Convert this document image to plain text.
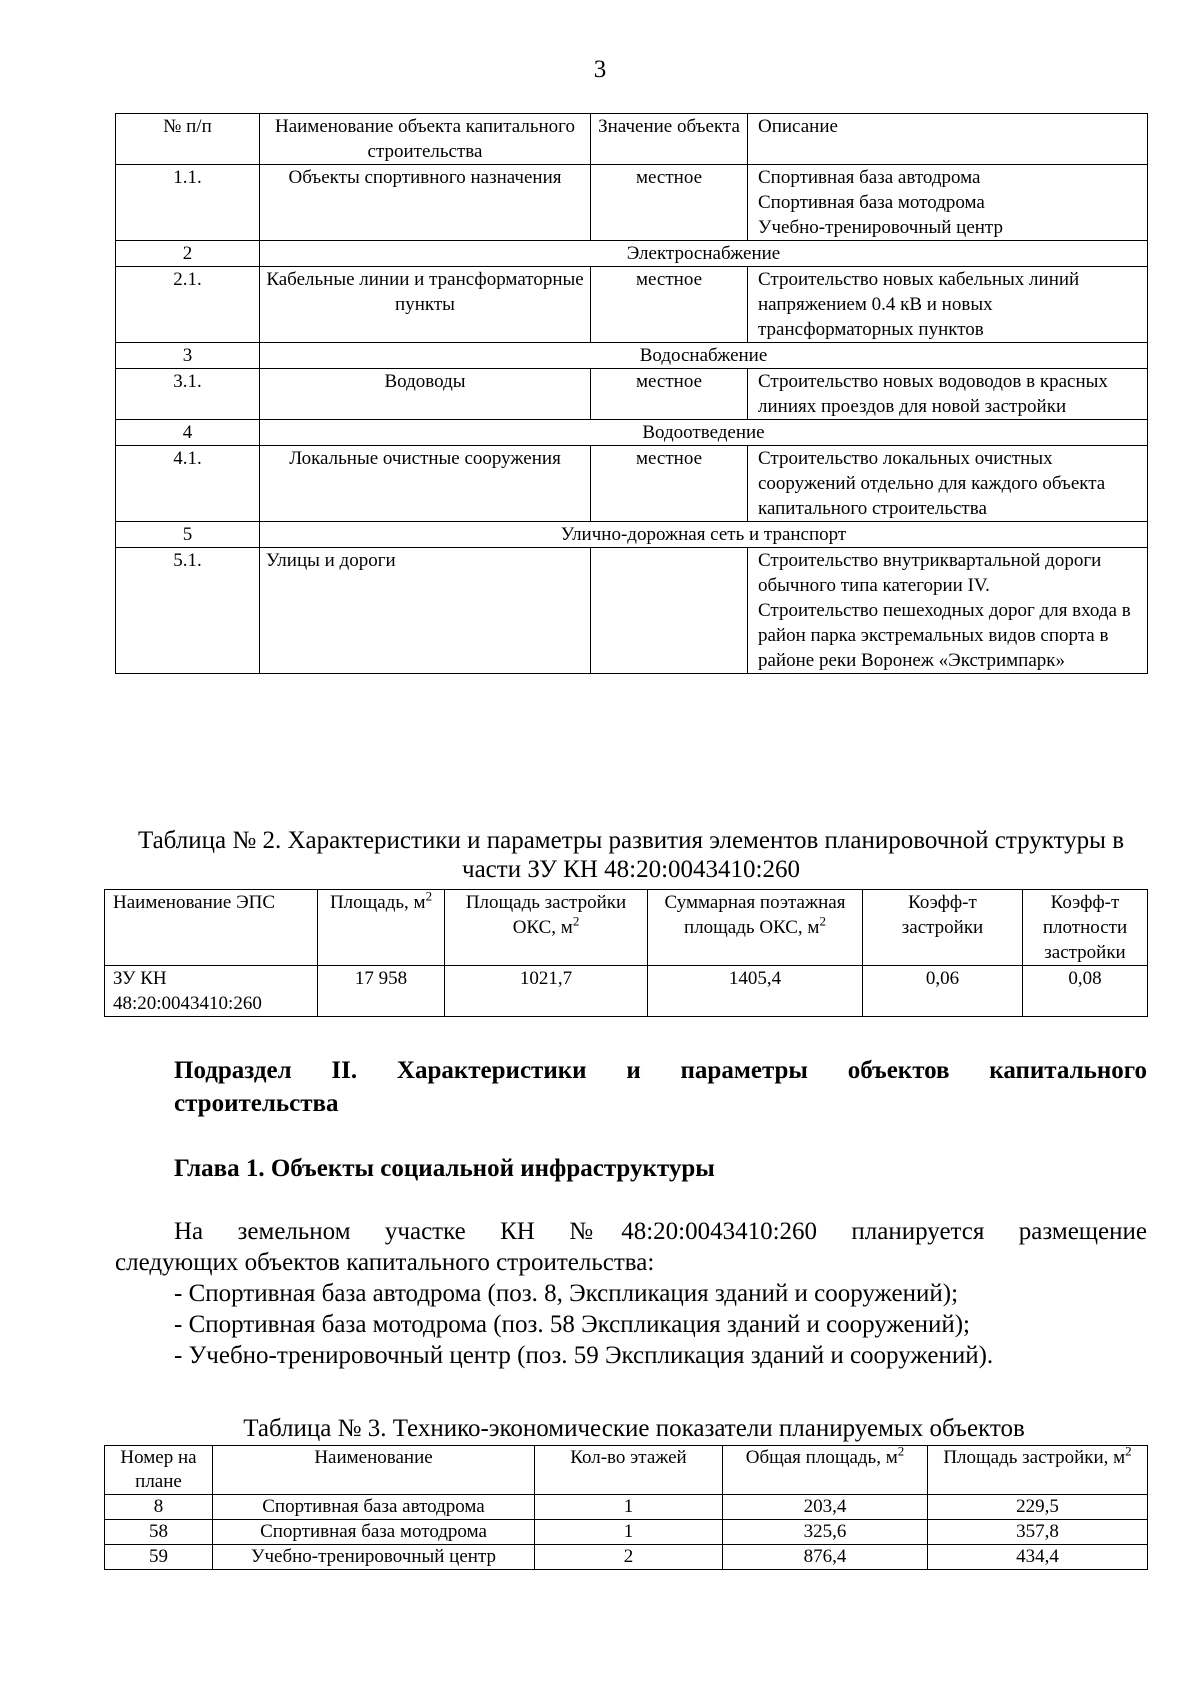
3
№ п/п	Наименование объекта капитального строительства	Значение объекта	Описание
1.1.	Объекты спортивного назначения	местное	Спортивная база автодрома
Спортивная база мотодрома
Учебно-тренировочный центр

2	Электроснабжение		
2.1.	Кабельные линии и трансформаторные пункты	местное	Строительство новых кабельных линий напряжением 0.4 кВ и новых трансформаторных пунктов

3	Водоснабжение		
3.1.	Водоводы	местное	Строительство новых водоводов в красных линиях проездов для новой застройки

4	Водоотведение		
4.1.	Локальные очистные сооружения	местное	Строительство локальных очистных сооружений отдельно для каждого объекта капитального строительства

5	Улично-дорожная сеть и транспорт		
5.1.	Улицы и дороги		Строительство внутриквартальной дороги обычного типа категории IV.
Строительство пешеходных дорог для входа в район парка экстремальных видов спорта в районе реки Воронеж «Экстримпарк»
Таблица № 2. Характеристики и параметры развития элементов планировочной структуры в части ЗУ КН 48:20:0043410:260
Наименование ЭПС	Площадь, $м^2$	Площадь застройки ОКС, $м^2$	Суммарная поэтажная площадь ОКС, $м^2$	Коэфф-т застройки	Коэфф-т плотности застройки
ЗУ КН 48:20:0043410:260	17 958	1021,7	1405,4	0,06	0,08
Подраздел II. Характеристики и параметры объектов капитального
строительства
Глава 1. Объекты социальной инфраструктуры
На земельном участке КН №48:20:0043410:260 планируется размещение
следующих объектов капитального строительства:
- Спортивная база автодрома (поз. 8, Экспликация зданий и сооружений);
- Спортивная база мотодрома (поз. 58 Экспликация зданий и сооружений);
- Учебно-тренировочный центр (поз. 59 Экспликация зданий и сооружений).
Таблица № 3. Технико-экономические показатели планируемых объектов
Номер на плане	Наименование	Кол-во этажей	Общая площадь, $м^2$	Площадь застройки, $м^2$
8	Спортивная база автодрома	1	203,4	229,5
58	Спортивная база мотодрома	1	325,6	357,8
59	Учебно-тренировочный центр	2	876,4	434,4
